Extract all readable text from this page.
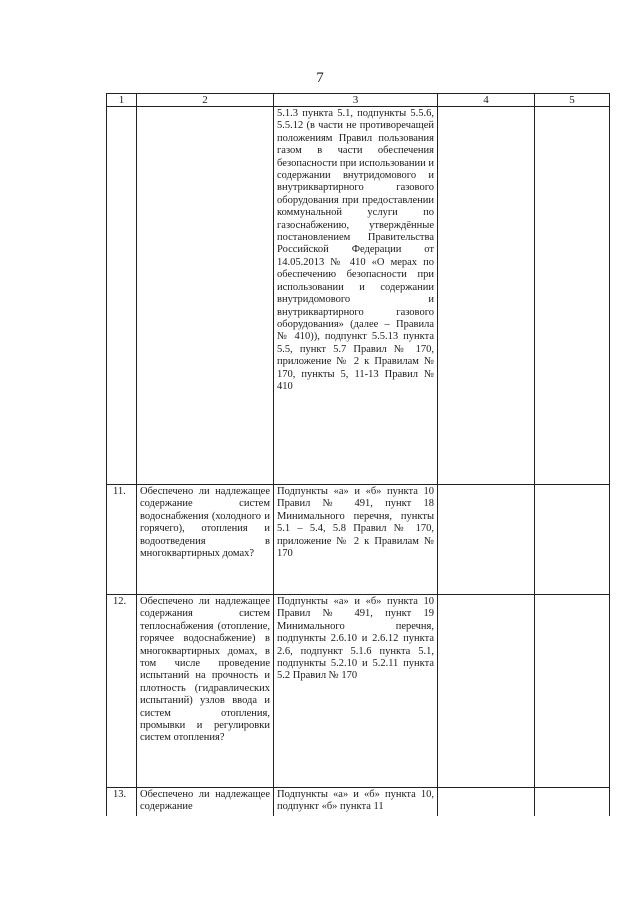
7
1	2	3	4	5
		5.1.3 пункта 5.1, подпункты 5.5.6, 5.5.12 (в части не противоречащей положениям Правил пользования газом в части обеспечения безопасности при использовании и содержании внутридомового и внутриквартирного газового оборудования при предоставлении коммунальной услуги по газоснабжению, утверждённые постановлением Правительства Российской Федерации от 14.05.2013 № 410 «О мерах по обеспечению безопасности при использовании и содержании внутридомового и внутриквартирного газового оборудования» (далее – Правила № 410)), подпункт 5.5.13 пункта 5.5, пункт 5.7 Правил № 170, приложение № 2 к Правилам № 170, пункты 5, 11-13 Правил № 410		
11.	Обеспечено ли надлежащее содержание систем водоснабжения (холодного и горячего), отопления и водоотведения в многоквартирных домах?	Подпункты «а» и «б» пункта 10 Правил № 491, пункт 18 Минимального перечня, пункты 5.1 – 5.4, 5.8 Правил № 170, приложение № 2 к Правилам № 170		
12.	Обеспечено ли надлежащее содержания систем теплоснабжения (отопление, горячее водоснабжение) в многоквартирных домах, в том числе проведение испытаний на прочность и плотность (гидравлических испытаний) узлов ввода и систем отопления, промывки и регулировки систем отопления?	Подпункты «а» и «б» пункта 10 Правил № 491, пункт 19 Минимального перечня, подпункты 2.6.10 и 2.6.12 пункта 2.6, подпункт 5.1.6 пункта 5.1, подпункты 5.2.10 и 5.2.11 пункта 5.2 Правил № 170		
13.	Обеспечено ли надлежащее содержание	Подпункты «а» и «б» пункта 10, подпункт «б» пункта 11		
